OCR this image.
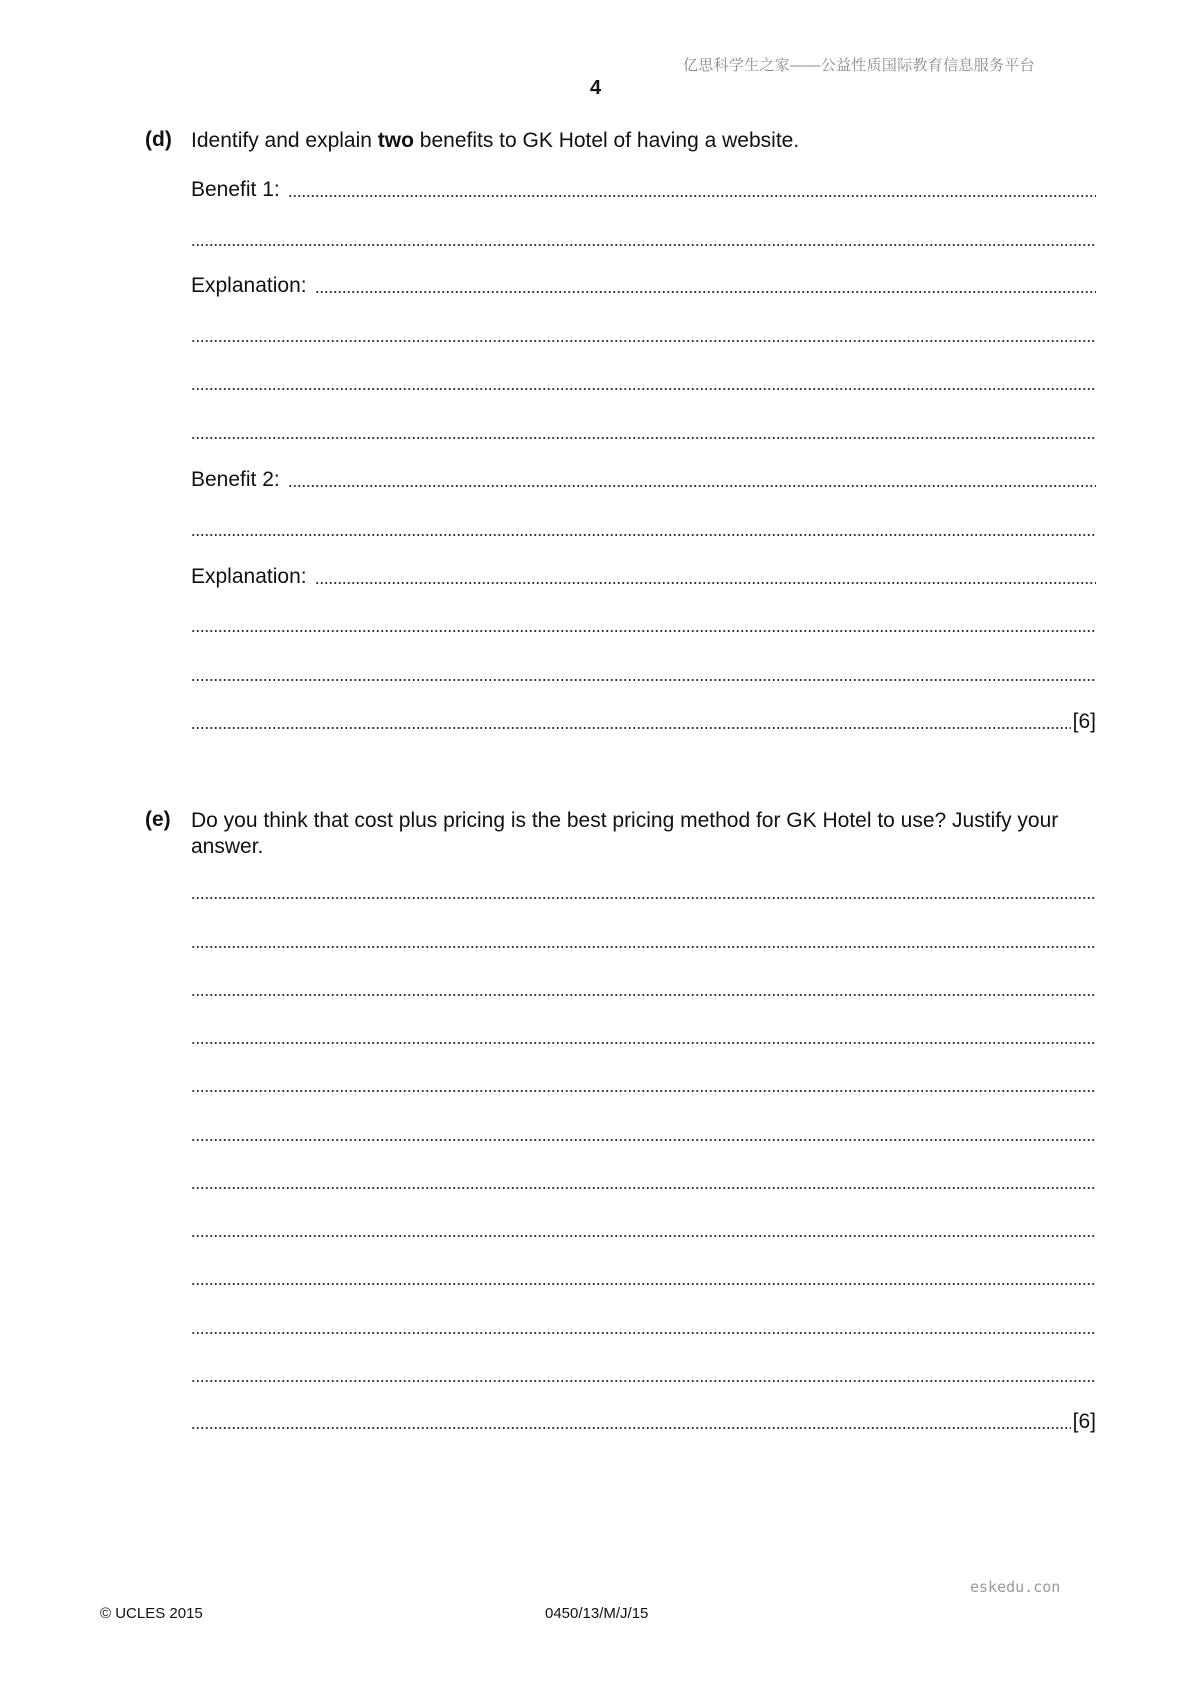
亿思科学生之家——公益性质国际教育信息服务平台
4
(d) Identify and explain two benefits to GK Hotel of having a website.
Benefit 1:
Explanation:
Benefit 2:
Explanation:
[6]
(e) Do you think that cost plus pricing is the best pricing method for GK Hotel to use? Justify your answer.
[6]
eskedu.con
© UCLES 2015	0450/13/M/J/15
